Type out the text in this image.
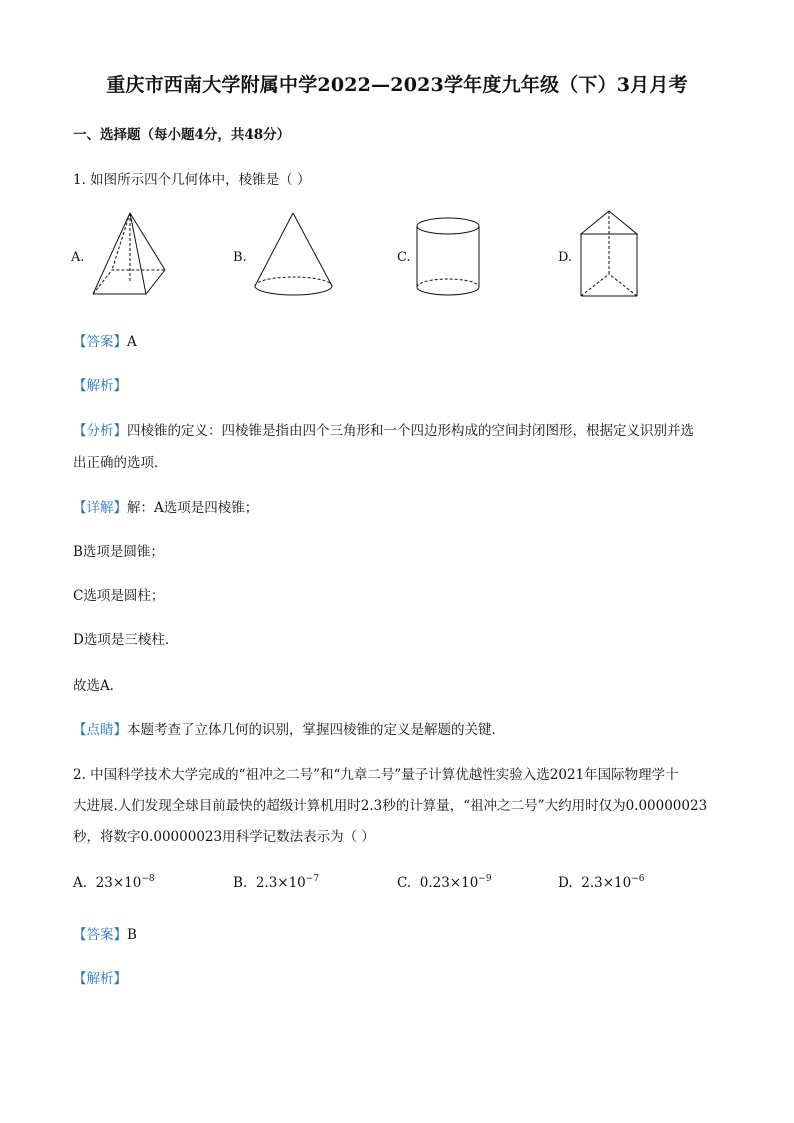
重庆市西南大学附属中学2022—2023学年度九年级（下）3月月考
一、选择题（每小题4分，共48分）
1. 如图所示四个几何体中，棱锥是（ ）
A.	B.	C.	D.
【答案】A
【解析】
【分析】四棱锥的定义：四棱锥是指由四个三角形和一个四边形构成的空间封闭图形，根据定义识别并选
出正确的选项．
【详解】解：A选项是四棱锥；
B选项是圆锥；
C选项是圆柱；
D选项是三棱柱．
故选A．
【点睛】本题考查了立体几何的识别，掌握四棱锥的定义是解题的关键．
2. 中国科学技术大学完成的“祖冲之二号”和“九章二号”量子计算优越性实验入选2021年国际物理学十
大进展.人们发现全球目前最快的超级计算机用时2.3秒的计算量，“祖冲之二号”大约用时仅为0.00000023
秒，将数字0.00000023用科学记数法表示为（ ）
A. $23\times 10^{-8}$	B. $2.3\times 10^{-7}$	C. $0.23\times 10^{-9}$	D. $2.3\times 10^{-6}$
【答案】B
【解析】
